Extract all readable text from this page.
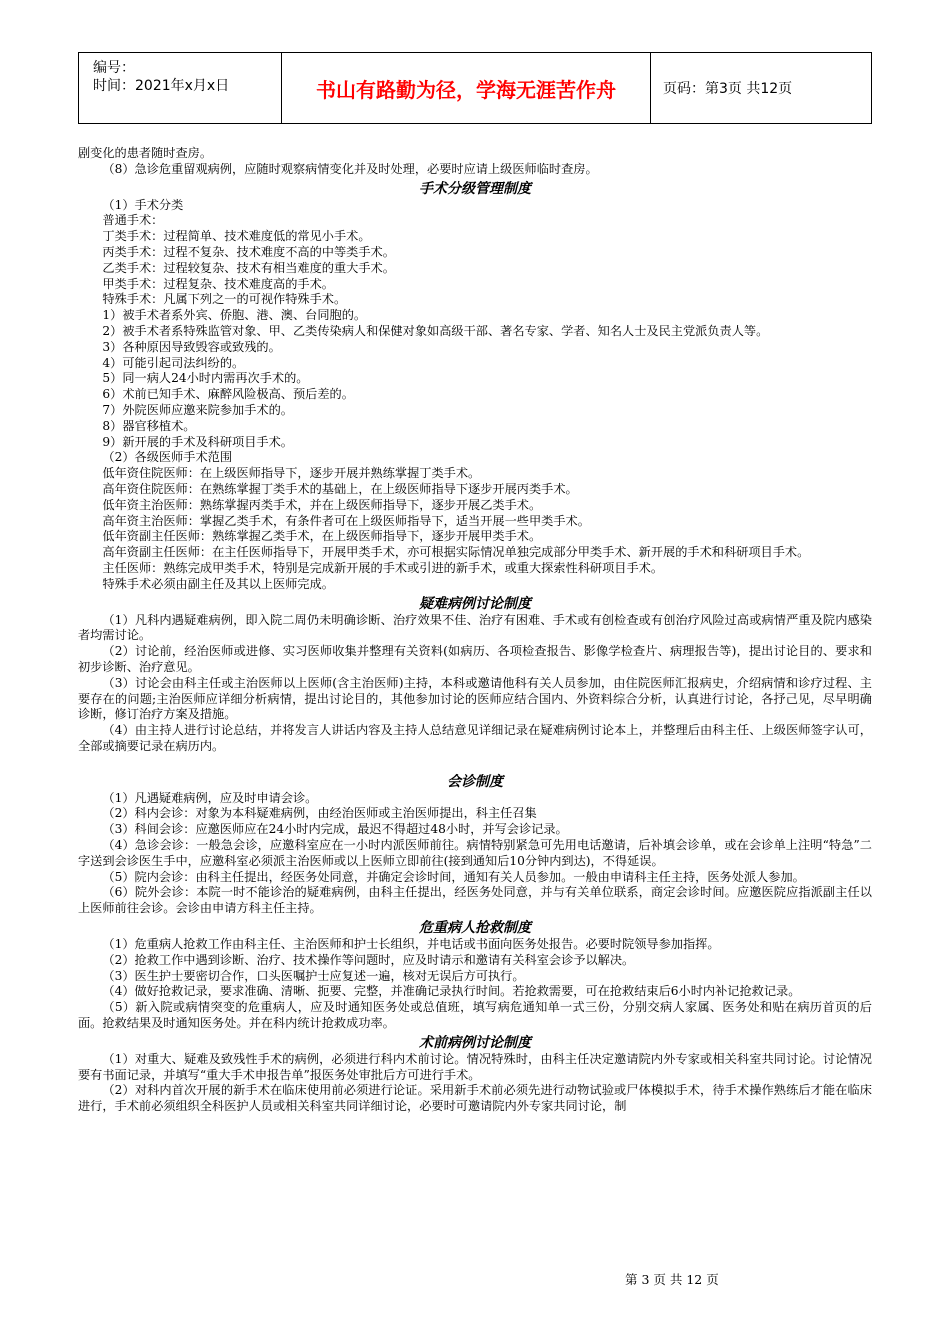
编号：
时间：2021年x月x日	书山有路勤为径，学海无涯苦作舟	页码：第3页 共12页

剧变化的患者随时查房。

（8）急诊危重留观病例，应随时观察病情变化并及时处理，必要时应请上级医师临时查房。

手术分级管理制度

（1）手术分类

普通手术：

丁类手术：过程简单、技术难度低的常见小手术。

丙类手术：过程不复杂、技术难度不高的中等类手术。

乙类手术：过程较复杂、技术有相当难度的重大手术。

甲类手术：过程复杂、技术难度高的手术。

特殊手术：凡属下列之一的可视作特殊手术。

1）被手术者系外宾、侨胞、港、澳、台同胞的。

2）被手术者系特殊监管对象、甲、乙类传染病人和保健对象如高级干部、著名专家、学者、知名人士及民主党派负责人等。

3）各种原因导致毁容或致残的。

4）可能引起司法纠纷的。

5）同一病人24小时内需再次手术的。

6）术前已知手术、麻醉风险极高、预后差的。

7）外院医师应邀来院参加手术的。

8）器官移植术。

9）新开展的手术及科研项目手术。

（2）各级医师手术范围

低年资住院医师：在上级医师指导下，逐步开展并熟练掌握丁类手术。

高年资住院医师：在熟练掌握丁类手术的基础上，在上级医师指导下逐步开展丙类手术。

低年资主治医师：熟练掌握丙类手术，并在上级医师指导下，逐步开展乙类手术。

高年资主治医师：掌握乙类手术，有条件者可在上级医师指导下，适当开展一些甲类手术。

低年资副主任医师：熟练掌握乙类手术，在上级医师指导下，逐步开展甲类手术。

高年资副主任医师：在主任医师指导下，开展甲类手术，亦可根据实际情况单独完成部分甲类手术、新开展的手术和科研项目手术。

主任医师：熟练完成甲类手术，特别是完成新开展的手术或引进的新手术，或重大探索性科研项目手术。

特殊手术必须由副主任及其以上医师完成。

疑难病例讨论制度

（1）凡科内遇疑难病例，即入院二周仍未明确诊断、治疗效果不佳、治疗有困难、手术或有创检查或有创治疗风险过高或病情严重及院内感染者均需讨论。

（2）讨论前，经治医师或进修、实习医师收集并整理有关资料(如病历、各项检查报告、影像学检查片、病理报告等)，提出讨论目的、要求和初步诊断、治疗意见。

（3）讨论会由科主任或主治医师以上医师(含主治医师)主持，本科或邀请他科有关人员参加，由住院医师汇报病史，介绍病情和诊疗过程、主要存在的问题;主治医师应详细分析病情，提出讨论目的，其他参加讨论的医师应结合国内、外资料综合分析，认真进行讨论，各抒己见，尽早明确诊断，修订治疗方案及措施。

（4）由主持人进行讨论总结，并将发言人讲话内容及主持人总结意见详细记录在疑难病例讨论本上，并整理后由科主任、上级医师签字认可，全部或摘要记录在病历内。

会诊制度

（1）凡遇疑难病例，应及时申请会诊。

（2）科内会诊：对象为本科疑难病例，由经治医师或主治医师提出，科主任召集

（3）科间会诊：应邀医师应在24小时内完成，最迟不得超过48小时，并写会诊记录。

（4）急诊会诊：一般急会诊，应邀科室应在一小时内派医师前往。病情特别紧急可先用电话邀请，后补填会诊单，或在会诊单上注明“特急”二字送到会诊医生手中，应邀科室必须派主治医师或以上医师立即前往(接到通知后10分钟内到达)，不得延误。

（5）院内会诊：由科主任提出，经医务处同意，并确定会诊时间，通知有关人员参加。一般由申请科主任主持，医务处派人参加。

（6）院外会诊：本院一时不能诊治的疑难病例，由科主任提出，经医务处同意，并与有关单位联系，商定会诊时间。应邀医院应指派副主任以上医师前往会诊。会诊由申请方科主任主持。

危重病人抢救制度

（1）危重病人抢救工作由科主任、主治医师和护士长组织，并电话或书面向医务处报告。必要时院领导参加指挥。

（2）抢救工作中遇到诊断、治疗、技术操作等问题时，应及时请示和邀请有关科室会诊予以解决。

（3）医生护士要密切合作，口头医嘱护士应复述一遍，核对无误后方可执行。

（4）做好抢救记录，要求准确、清晰、扼要、完整，并准确记录执行时间。若抢救需要，可在抢救结束后6小时内补记抢救记录。

（5）新入院或病情突变的危重病人，应及时通知医务处或总值班，填写病危通知单一式三份，分别交病人家属、医务处和贴在病历首页的后面。抢救结果及时通知医务处。并在科内统计抢救成功率。

术前病例讨论制度

（1）对重大、疑难及致残性手术的病例，必须进行科内术前讨论。情况特殊时，由科主任决定邀请院内外专家或相关科室共同讨论。讨论情况要有书面记录，并填写“重大手术申报告单”报医务处审批后方可进行手术。

（2）对科内首次开展的新手术在临床使用前必须进行论证。采用新手术前必须先进行动物试验或尸体模拟手术，待手术操作熟练后才能在临床进行，手术前必须组织全科医护人员或相关科室共同详细讨论，必要时可邀请院内外专家共同讨论，制

第 3 页 共 12 页
